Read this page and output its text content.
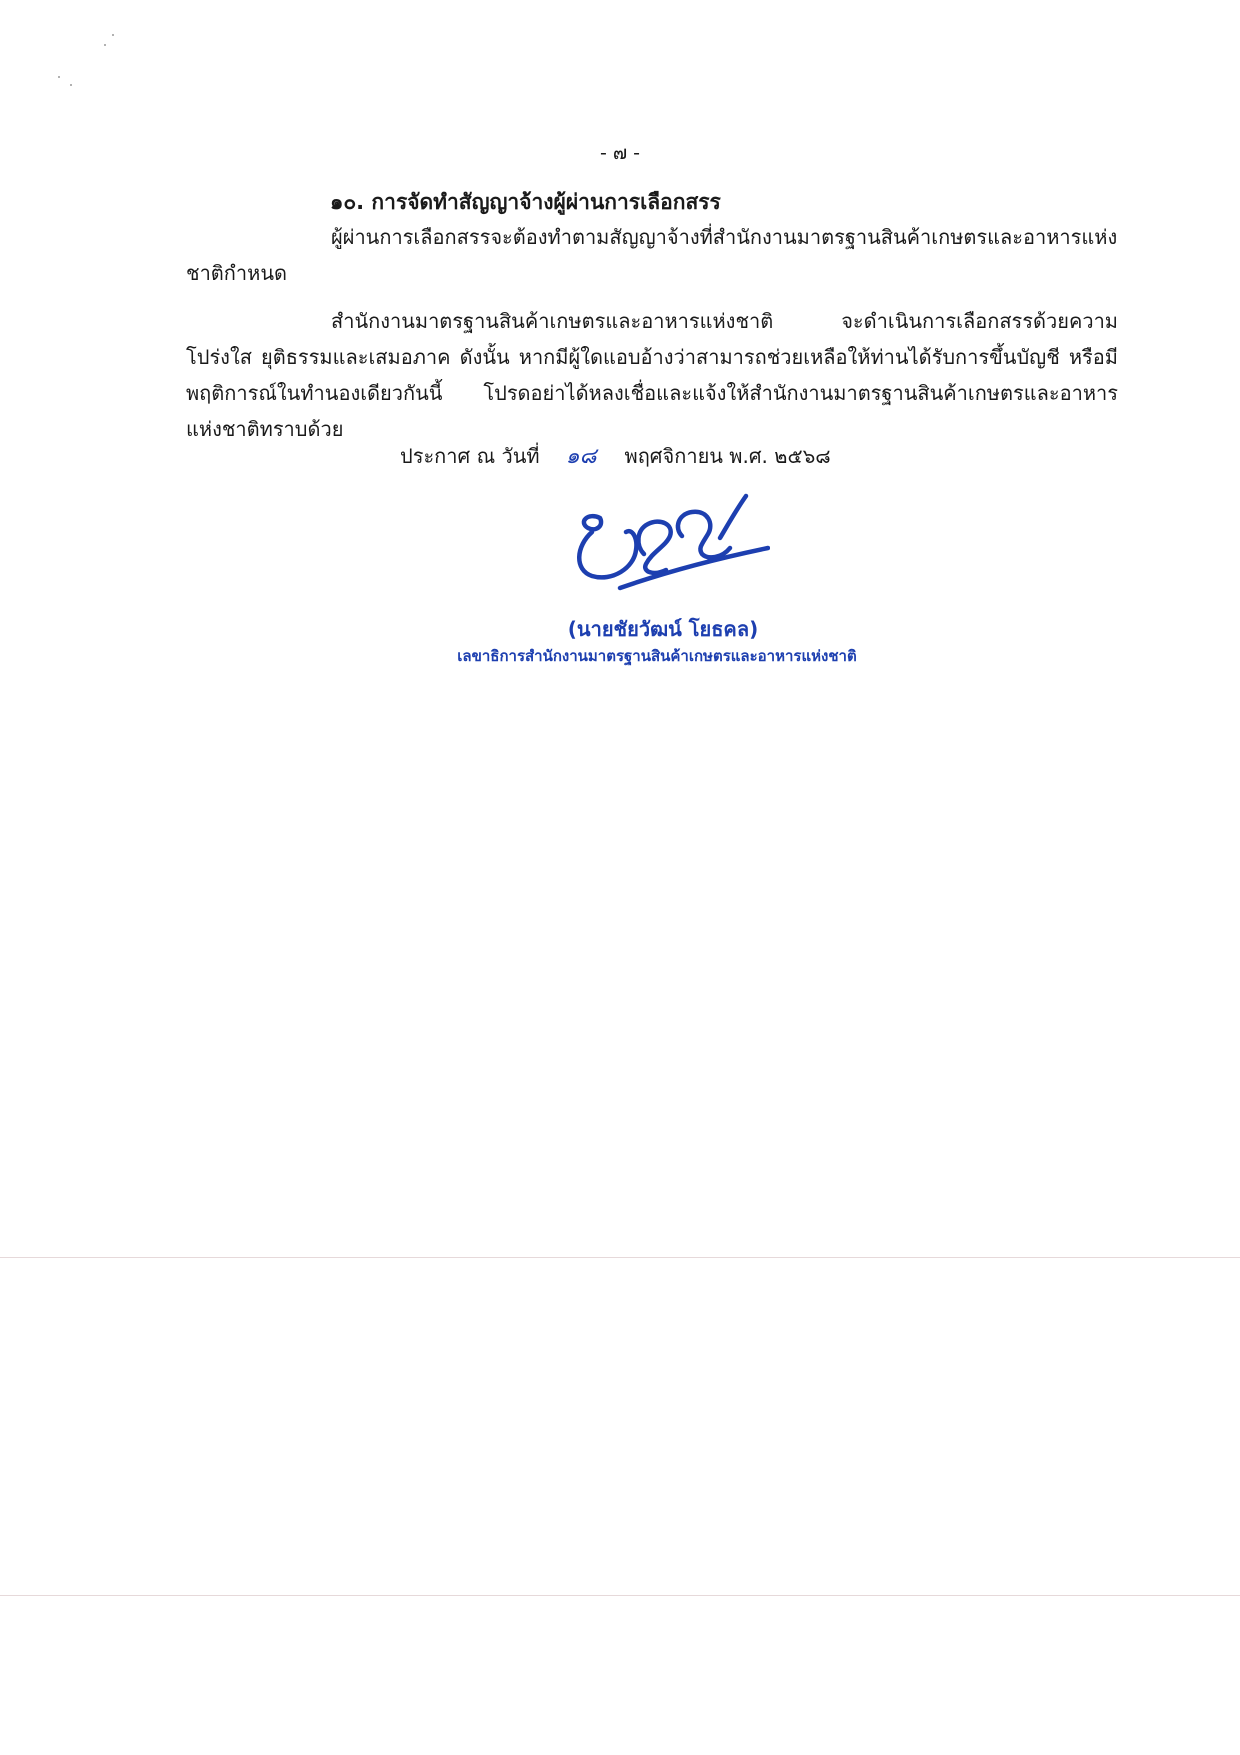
- ๗ -
๑๐. การจัดทำสัญญาจ้างผู้ผ่านการเลือกสรร
ผู้ผ่านการเลือกสรรจะต้องทำตามสัญญาจ้างที่สำนักงานมาตรฐานสินค้าเกษตรและอาหารแห่งชาติกำหนด
สำนักงานมาตรฐานสินค้าเกษตรและอาหารแห่งชาติ จะดำเนินการเลือกสรรด้วยความโปร่งใส ยุติธรรมและเสมอภาค ดังนั้น หากมีผู้ใดแอบอ้างว่าสามารถช่วยเหลือให้ท่านได้รับการขึ้นบัญชี หรือมีพฤติการณ์ในทำนองเดียวกันนี้ โปรดอย่าได้หลงเชื่อและแจ้งให้สำนักงานมาตรฐานสินค้าเกษตรและอาหารแห่งชาติทราบด้วย
ประกาศ ณ วันที่ ๑๘ พฤศจิกายน พ.ศ. ๒๕๖๘
(นายชัยวัฒน์ โยธคล)
เลขาธิการสำนักงานมาตรฐานสินค้าเกษตรและอาหารแห่งชาติ
